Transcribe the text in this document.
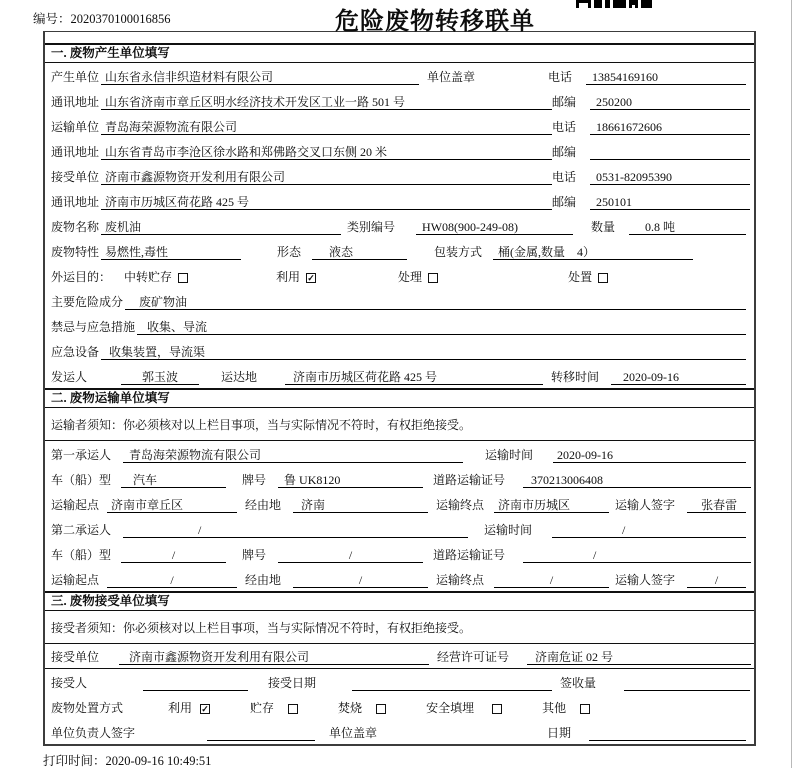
编号：2020370100016856	危险废物转移联单
一. 废物产生单位填写
产生单位 山东省永信非织造材料有限公司	单位盖章	电话	13854169160
通讯地址 山东省济南市章丘区明水经济技术开发区工业一路 501 号	邮编	250200
运输单位 青岛海荣源物流有限公司	电话	18661672606
通讯地址 山东省青岛市李沧区徐水路和郑佛路交叉口东侧 20 米	邮编
接受单位 济南市鑫源物资开发利用有限公司	电话	0531-82095390
通讯地址 济南市历城区荷花路 425 号	邮编	250101
废物名称 废机油	类别编号	HW08(900-249-08)	数量	0.8 吨
废物特性 易燃性,毒性	形态	液态	包装方式	桶(金属,数量　4）
外运目的： 中转贮存	利用 ✓	处理	处置
主要危险成分	废矿物油
禁忌与应急措施	收集、导流
应急设备 收集装置，导流渠
发运人	郭玉波	运达地	济南市历城区荷花路 425 号	转移时间	2020-09-16
二. 废物运输单位填写
运输者须知：你必须核对以上栏目事项，当与实际情况不符时，有权拒绝接受。
第一承运人	青岛海荣源物流有限公司	运输时间	2020-09-16
车（船）型	汽车	牌号	鲁 UK8120	道路运输证号	370213006408
运输起点	济南市章丘区	经由地	济南	运输终点	济南市历城区	运输人签字	张春雷
第二承运人	/	运输时间	/
车（船）型	/	牌号	/	道路运输证号	/
运输起点	/	经由地	/	运输终点	/	运输人签字	/
三. 废物接受单位填写
接受者须知：你必须核对以上栏目事项，当与实际情况不符时，有权拒绝接受。
接受单位	济南市鑫源物资开发利用有限公司	经营许可证号	济南危证 02 号
接受人	接受日期	签收量
废物处置方式	利用 ✓	贮存	焚烧	安全填埋	其他
单位负责人签字	单位盖章	日期
打印时间：2020-09-16 10:49:51
